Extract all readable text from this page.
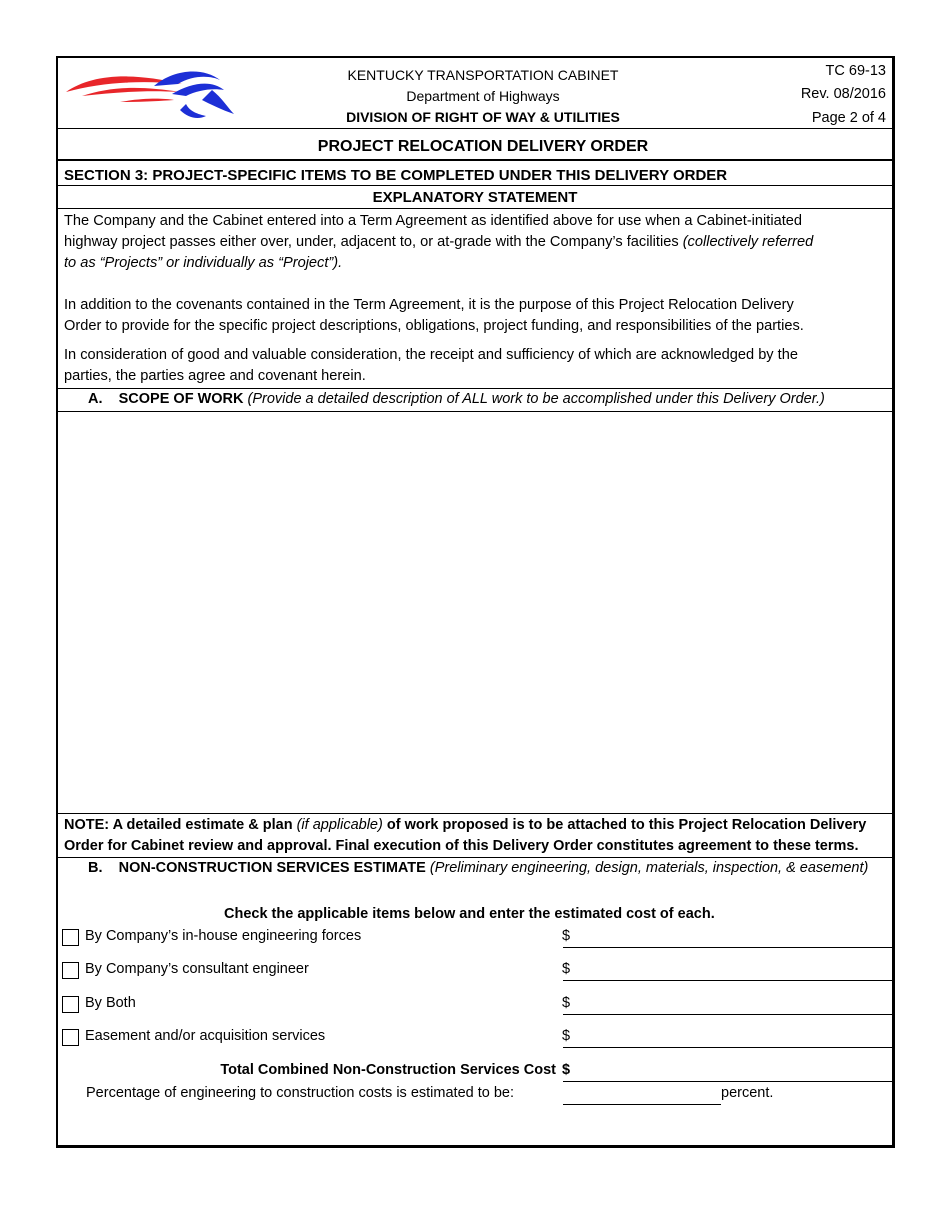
KENTUCKY TRANSPORTATION CABINET
Department of Highways
DIVISION OF RIGHT OF WAY & UTILITIES
TC 69-13
Rev. 08/2016
Page 2 of 4
PROJECT RELOCATION DELIVERY ORDER
SECTION 3: PROJECT-SPECIFIC ITEMS TO BE COMPLETED UNDER THIS DELIVERY ORDER
EXPLANATORY STATEMENT
The Company and the Cabinet entered into a Term Agreement as identified above for use when a Cabinet-initiated
highway project passes either over, under, adjacent to, or at-grade with the Company’s facilities (collectively referred
to as “Projects” or individually as “Project”).
In addition to the covenants contained in the Term Agreement, it is the purpose of this Project Relocation Delivery
Order to provide for the specific project descriptions, obligations, project funding, and responsibilities of the parties.
In consideration of good and valuable consideration, the receipt and sufficiency of which are acknowledged by the
parties, the parties agree and covenant herein.
A. SCOPE OF WORK (Provide a detailed description of ALL work to be accomplished under this Delivery Order.)
NOTE: A detailed estimate & plan (if applicable) of work proposed is to be attached to this Project Relocation Delivery
Order for Cabinet review and approval. Final execution of this Delivery Order constitutes agreement to these terms.
B. NON-CONSTRUCTION SERVICES ESTIMATE (Preliminary engineering, design, materials, inspection, & easement)
Check the applicable items below and enter the estimated cost of each.
By Company’s in-house engineering forces	$
By Company’s consultant engineer	$
By Both	$
Easement and/or acquisition services	$
Total Combined Non-Construction Services Cost $
Percentage of engineering to construction costs is estimated to be:	percent.
